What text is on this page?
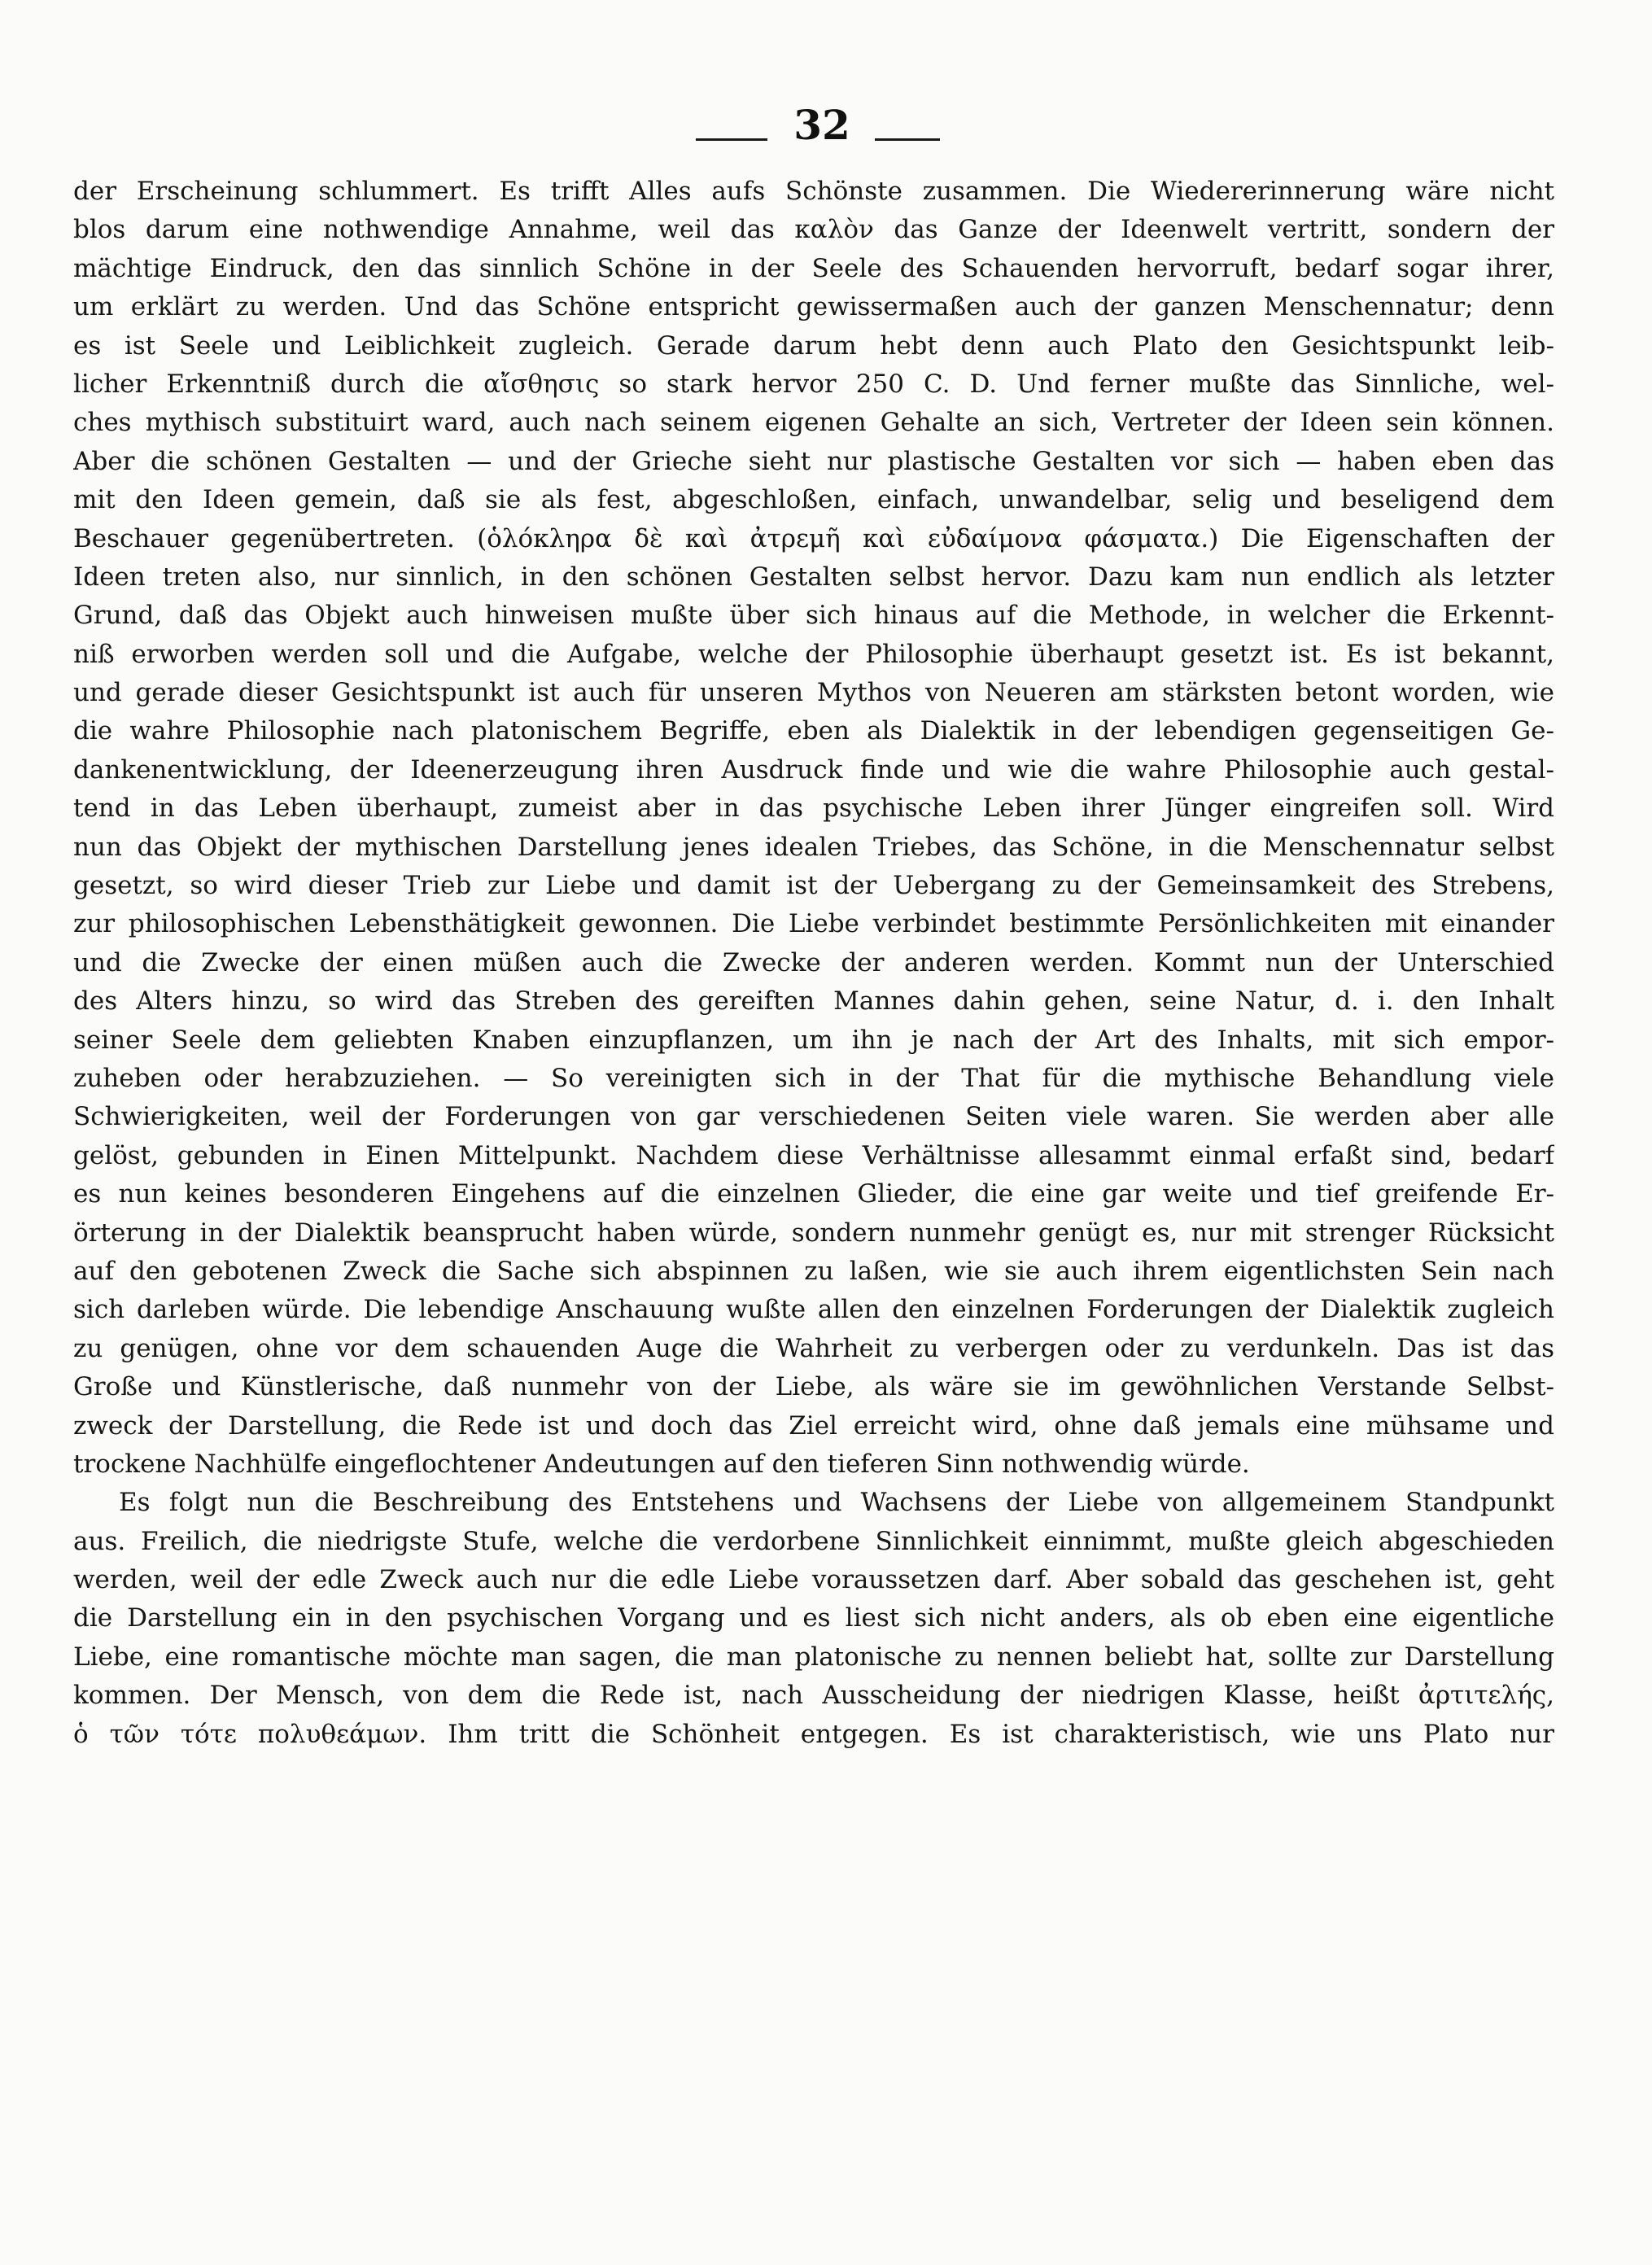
32
der Erscheinung schlummert. Es trifft Alles aufs Schönste zusammen. Die Wiedererinnerung wäre nicht
blos darum eine nothwendige Annahme, weil das καλὸν das Ganze der Ideenwelt vertritt, sondern der
mächtige Eindruck, den das sinnlich Schöne in der Seele des Schauenden hervorruft, bedarf sogar ihrer,
um erklärt zu werden. Und das Schöne entspricht gewissermaßen auch der ganzen Menschennatur; denn
es ist Seele und Leiblichkeit zugleich. Gerade darum hebt denn auch Plato den Gesichtspunkt leib-
licher Erkenntniß durch die αἴσθησις so stark hervor 250 C. D. Und ferner mußte das Sinnliche, wel-
ches mythisch substituirt ward, auch nach seinem eigenen Gehalte an sich, Vertreter der Ideen sein können.
Aber die schönen Gestalten — und der Grieche sieht nur plastische Gestalten vor sich — haben eben das
mit den Ideen gemein, daß sie als fest, abgeschloßen, einfach, unwandelbar, selig und beseligend dem
Beschauer gegenübertreten. (ὁλόκληρα δὲ καὶ ἀτρεμῆ καὶ εὐδαίμονα φάσματα.) Die Eigenschaften der
Ideen treten also, nur sinnlich, in den schönen Gestalten selbst hervor. Dazu kam nun endlich als letzter
Grund, daß das Objekt auch hinweisen mußte über sich hinaus auf die Methode, in welcher die Erkennt-
niß erworben werden soll und die Aufgabe, welche der Philosophie überhaupt gesetzt ist. Es ist bekannt,
und gerade dieser Gesichtspunkt ist auch für unseren Mythos von Neueren am stärksten betont worden, wie
die wahre Philosophie nach platonischem Begriffe, eben als Dialektik in der lebendigen gegenseitigen Ge-
dankenentwicklung, der Ideenerzeugung ihren Ausdruck finde und wie die wahre Philosophie auch gestal-
tend in das Leben überhaupt, zumeist aber in das psychische Leben ihrer Jünger eingreifen soll. Wird
nun das Objekt der mythischen Darstellung jenes idealen Triebes, das Schöne, in die Menschennatur selbst
gesetzt, so wird dieser Trieb zur Liebe und damit ist der Uebergang zu der Gemeinsamkeit des Strebens,
zur philosophischen Lebensthätigkeit gewonnen. Die Liebe verbindet bestimmte Persönlichkeiten mit einander
und die Zwecke der einen müßen auch die Zwecke der anderen werden. Kommt nun der Unterschied
des Alters hinzu, so wird das Streben des gereiften Mannes dahin gehen, seine Natur, d. i. den Inhalt
seiner Seele dem geliebten Knaben einzupflanzen, um ihn je nach der Art des Inhalts, mit sich empor-
zuheben oder herabzuziehen. — So vereinigten sich in der That für die mythische Behandlung viele
Schwierigkeiten, weil der Forderungen von gar verschiedenen Seiten viele waren. Sie werden aber alle
gelöst, gebunden in Einen Mittelpunkt. Nachdem diese Verhältnisse allesammt einmal erfaßt sind, bedarf
es nun keines besonderen Eingehens auf die einzelnen Glieder, die eine gar weite und tief greifende Er-
örterung in der Dialektik beansprucht haben würde, sondern nunmehr genügt es, nur mit strenger Rücksicht
auf den gebotenen Zweck die Sache sich abspinnen zu laßen, wie sie auch ihrem eigentlichsten Sein nach
sich darleben würde. Die lebendige Anschauung wußte allen den einzelnen Forderungen der Dialektik zugleich
zu genügen, ohne vor dem schauenden Auge die Wahrheit zu verbergen oder zu verdunkeln. Das ist das
Große und Künstlerische, daß nunmehr von der Liebe, als wäre sie im gewöhnlichen Verstande Selbst-
zweck der Darstellung, die Rede ist und doch das Ziel erreicht wird, ohne daß jemals eine mühsame und
trockene Nachhülfe eingeflochtener Andeutungen auf den tieferen Sinn nothwendig würde.
Es folgt nun die Beschreibung des Entstehens und Wachsens der Liebe von allgemeinem Standpunkt
aus. Freilich, die niedrigste Stufe, welche die verdorbene Sinnlichkeit einnimmt, mußte gleich abgeschieden
werden, weil der edle Zweck auch nur die edle Liebe voraussetzen darf. Aber sobald das geschehen ist, geht
die Darstellung ein in den psychischen Vorgang und es liest sich nicht anders, als ob eben eine eigentliche
Liebe, eine romantische möchte man sagen, die man platonische zu nennen beliebt hat, sollte zur Darstellung
kommen. Der Mensch, von dem die Rede ist, nach Ausscheidung der niedrigen Klasse, heißt ἀρτιτελής,
ὁ τῶν τότε πολυθεάμων. Ihm tritt die Schönheit entgegen. Es ist charakteristisch, wie uns Plato nur
